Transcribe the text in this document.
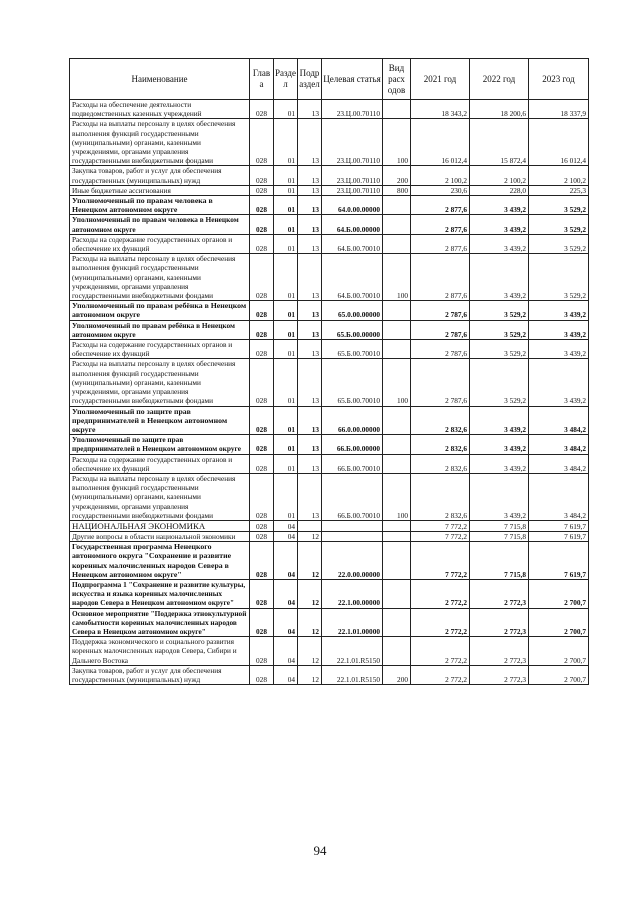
Наименование	Глав а	Разде л	Подр аздел	Целевая статья	Вид расх одов	2021 год	2022 год	2023 год
Расходы на обеспечение деятельности подведомственных казенных учреждений	028	01	13	23.Ц.00.70110		18 343,2	18 200,6	18 337,9
Расходы на выплаты персоналу в целях обеспечения выполнения функций государственными (муниципальными) органами, казенными учреждениями, органами управления государственными внебюджетными фондами	028	01	13	23.Ц.00.70110	100	16 012,4	15 872,4	16 012,4
Закупка товаров, работ и услуг для обеспечения государственных (муниципальных) нужд	028	01	13	23.Ц.00.70110	200	2 100,2	2 100,2	2 100,2
Иные бюджетные ассигнования	028	01	13	23.Ц.00.70110	800	230,6	228,0	225,3
Уполномоченный по правам человека в Ненецком автономном округе	028	01	13	64.0.00.00000		2 877,6	3 439,2	3 529,2
Уполномоченный по правам человека в Ненецком автономном округе	028	01	13	64.Б.00.00000		2 877,6	3 439,2	3 529,2
Расходы на содержание государственных органов и обеспечение их функций	028	01	13	64.Б.00.70010		2 877,6	3 439,2	3 529,2
Расходы на выплаты персоналу в целях обеспечения выполнения функций государственными (муниципальными) органами, казенными учреждениями, органами управления государственными внебюджетными фондами	028	01	13	64.Б.00.70010	100	2 877,6	3 439,2	3 529,2
Уполномоченный по правам ребёнка в Ненецком автономном округе	028	01	13	65.0.00.00000		2 787,6	3 529,2	3 439,2
Уполномоченный по правам ребёнка в Ненецком автономном округе	028	01	13	65.Б.00.00000		2 787,6	3 529,2	3 439,2
Расходы на содержание государственных органов и обеспечение их функций	028	01	13	65.Б.00.70010		2 787,6	3 529,2	3 439,2
Расходы на выплаты персоналу в целях обеспечения выполнения функций государственными (муниципальными) органами, казенными учреждениями, органами управления государственными внебюджетными фондами	028	01	13	65.Б.00.70010	100	2 787,6	3 529,2	3 439,2
Уполномоченный по защите прав предпринимателей в Ненецком автономном округе	028	01	13	66.0.00.00000		2 832,6	3 439,2	3 484,2
Уполномоченный по защите прав предпринимателей в Ненецком автономном округе	028	01	13	66.Б.00.00000		2 832,6	3 439,2	3 484,2
Расходы на содержание государственных органов и обеспечение их функций	028	01	13	66.Б.00.70010		2 832,6	3 439,2	3 484,2
Расходы на выплаты персоналу в целях обеспечения выполнения функций государственными (муниципальными) органами, казенными учреждениями, органами управления государственными внебюджетными фондами	028	01	13	66.Б.00.70010	100	2 832,6	3 439,2	3 484,2
НАЦИОНАЛЬНАЯ ЭКОНОМИКА	028	04				7 772,2	7 715,8	7 619,7
Другие вопросы в области национальной экономики	028	04	12			7 772,2	7 715,8	7 619,7
Государственная программа Ненецкого автономного округа "Сохранение и развитие коренных малочисленных народов Севера в Ненецком автономном округе"	028	04	12	22.0.00.00000		7 772,2	7 715,8	7 619,7
Подпрограмма 1 "Сохранение и развитие культуры, искусства и языка коренных малочисленных народов Севера в Ненецком автономном округе"	028	04	12	22.1.00.00000		2 772,2	2 772,3	2 700,7
Основное мероприятие "Поддержка этнокультурной самобытности коренных малочисленных народов Севера в Ненецком автономном округе"	028	04	12	22.1.01.00000		2 772,2	2 772,3	2 700,7
Поддержка экономического и социального развития коренных малочисленных народов Севера, Сибири и Дальнего Востока	028	04	12	22.1.01.R5150		2 772,2	2 772,3	2 700,7
Закупка товаров, работ и услуг для обеспечения государственных (муниципальных) нужд	028	04	12	22.1.01.R5150	200	2 772,2	2 772,3	2 700,7
94
